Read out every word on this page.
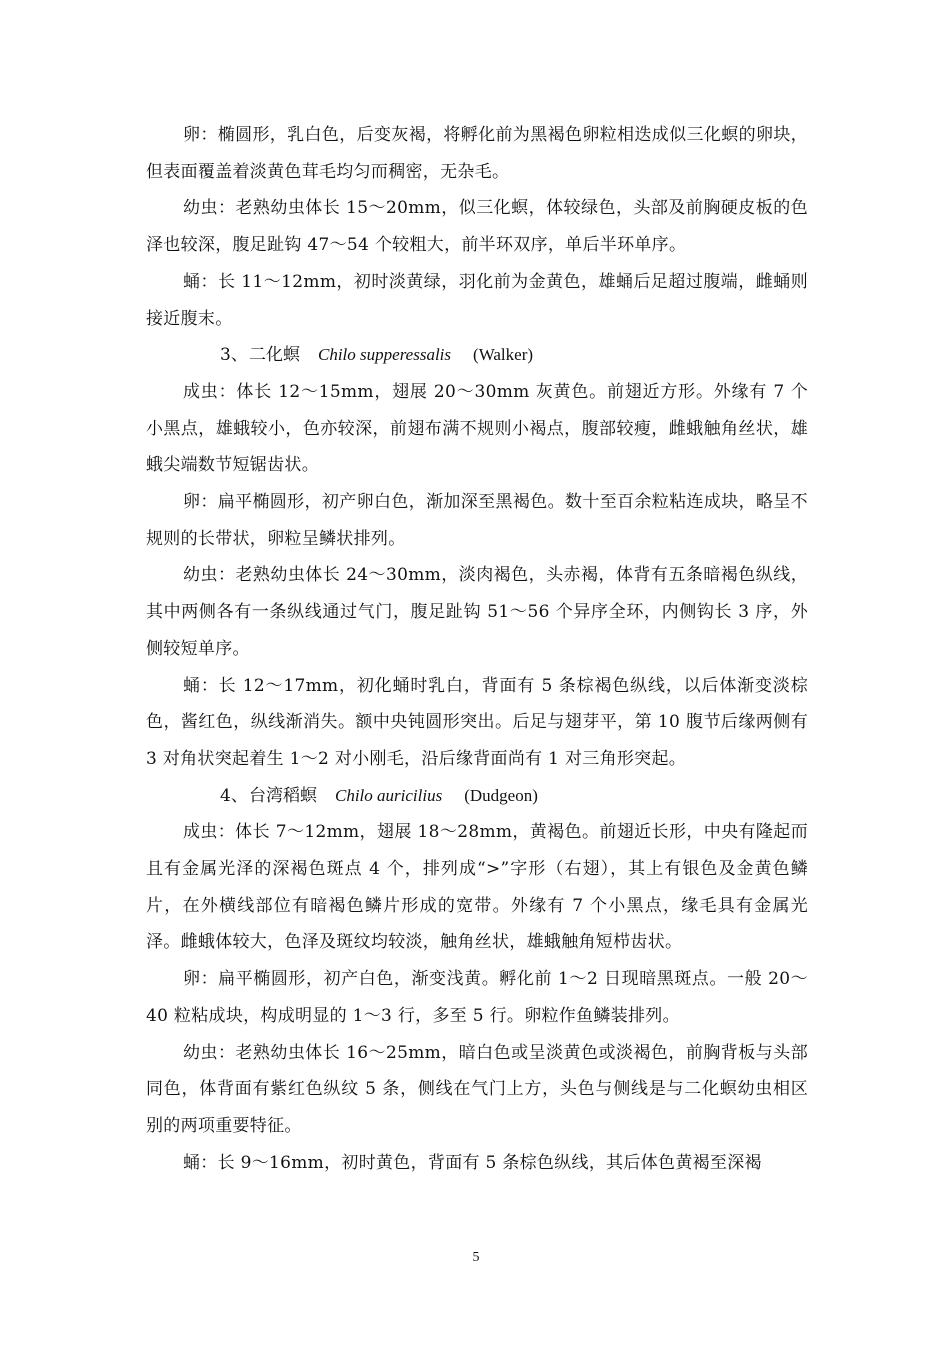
卵：椭圆形，乳白色，后变灰褐，将孵化前为黑褐色卵粒相迭成似三化螟的卵块，但表面覆盖着淡黄色茸毛均匀而稠密，无杂毛。

幼虫：老熟幼虫体长 15～20mm，似三化螟，体较绿色，头部及前胸硬皮板的色泽也较深，腹足趾钩 47～54 个较粗大，前半环双序，单后半环单序。

蛹：长 11～12mm，初时淡黄绿，羽化前为金黄色，雄蛹后足超过腹端，雌蛹则接近腹末。

3、二化螟 Chilo supperessalis (Walker)

成虫：体长 12～15mm，翅展 20～30mm 灰黄色。前翅近方形。外缘有 7 个小黑点，雄蛾较小，色亦较深，前翅布满不规则小褐点，腹部较瘦，雌蛾触角丝状，雄蛾尖端数节短锯齿状。

卵：扁平椭圆形，初产卵白色，渐加深至黑褐色。数十至百余粒粘连成块，略呈不规则的长带状，卵粒呈鳞状排列。

幼虫：老熟幼虫体长 24～30mm，淡肉褐色，头赤褐，体背有五条暗褐色纵线，其中两侧各有一条纵线通过气门，腹足趾钩 51～56 个异序全环，内侧钩长 3 序，外侧较短单序。

蛹：长 12～17mm，初化蛹时乳白，背面有 5 条棕褐色纵线，以后体渐变淡棕色，酱红色，纵线渐消失。额中央钝圆形突出。后足与翅芽平，第 10 腹节后缘两侧有 3 对角状突起着生 1～2 对小刚毛，沿后缘背面尚有 1 对三角形突起。

4、台湾稻螟 Chilo auricilius (Dudgeon)

成虫：体长 7～12mm，翅展 18～28mm，黄褐色。前翅近长形，中央有隆起而且有金属光泽的深褐色斑点 4 个，排列成“>”字形（右翅），其上有银色及金黄色鳞片，在外横线部位有暗褐色鳞片形成的宽带。外缘有 7 个小黑点，缘毛具有金属光泽。雌蛾体较大，色泽及斑纹均较淡，触角丝状，雄蛾触角短栉齿状。

卵：扁平椭圆形，初产白色，渐变浅黄。孵化前 1～2 日现暗黑斑点。一般 20～40 粒粘成块，构成明显的 1～3 行，多至 5 行。卵粒作鱼鳞装排列。

幼虫：老熟幼虫体长 16～25mm，暗白色或呈淡黄色或淡褐色，前胸背板与头部同色，体背面有紫红色纵纹 5 条，侧线在气门上方，头色与侧线是与二化螟幼虫相区别的两项重要特征。

蛹：长 9～16mm，初时黄色，背面有 5 条棕色纵线，其后体色黄褐至深褐

5
